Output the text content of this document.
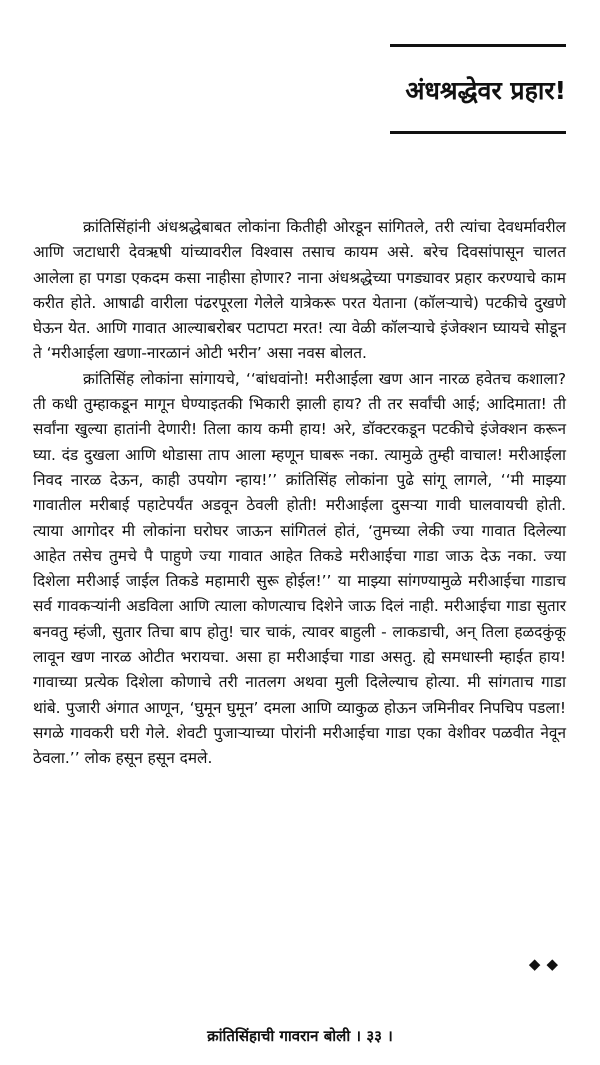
अंधश्रद्धेवर प्रहार!

क्रांतिसिंहांनी अंधश्रद्धेबाबत लोकांना कितीही ओरडून सांगितले, तरी त्यांचा देवधर्मावरील आणि जटाधारी देवऋषी यांच्यावरील विश्वास तसाच कायम असे. बरेच दिवसांपासून चालत आलेला हा पगडा एकदम कसा नाहीसा होणार? नाना अंधश्रद्धेच्या पगड्यावर प्रहार करण्याचे काम करीत होते. आषाढी वारीला पंढरपूरला गेलेले यात्रेकरू परत येताना (कॉलऱ्याचे) पटकीचे दुखणे घेऊन येत. आणि गावात आल्याबरोबर पटापटा मरत! त्या वेळी कॉलऱ्याचे इंजेक्शन घ्यायचे सोडून ते ‘मरीआईला खणा-नारळानं ओटी भरीन’ असा नवस बोलत.

क्रांतिसिंह लोकांना सांगायचे, ‘‘बांधवांनो! मरीआईला खण आन नारळ हवेतच कशाला? ती कधी तुम्हाकडून मागून घेण्याइतकी भिकारी झाली हाय? ती तर सर्वांची आई; आदिमाता! ती सर्वांना खुल्या हातांनी देणारी! तिला काय कमी हाय! अरे, डॉक्टरकडून पटकीचे इंजेक्शन करून घ्या. दंड दुखला आणि थोडासा ताप आला म्हणून घाबरू नका. त्यामुळे तुम्ही वाचाल! मरीआईला निवद नारळ देऊन, काही उपयोग न्हाय!’’ क्रांतिसिंह लोकांना पुढे सांगू लागले, ‘‘मी माझ्या गावातील मरीबाई पहाटेपर्यंत अडवून ठेवली होती! मरीआईला दुसऱ्या गावी घालवायची होती. त्याया आगोदर मी लोकांना घरोघर जाऊन सांगितलं होतं, ‘तुमच्या लेकी ज्या गावात दिलेल्या आहेत तसेच तुमचे पै पाहुणे ज्या गावात आहेत तिकडे मरीआईचा गाडा जाऊ देऊ नका. ज्या दिशेला मरीआई जाईल तिकडे महामारी सुरू होईल!’’ या माझ्या सांगण्यामुळे मरीआईचा गाडाच सर्व गावकऱ्यांनी अडविला आणि त्याला कोणत्याच दिशेने जाऊ दिलं नाही. मरीआईचा गाडा सुतार बनवतु म्हंजी, सुतार तिचा बाप होतु! चार चाकं, त्यावर बाहुली - लाकडाची, अन् तिला हळदकुंकू लावून खण नारळ ओटीत भरायचा. असा हा मरीआईचा गाडा असतु. ह्ये समधास्नी म्हाईत हाय! गावाच्या प्रत्येक दिशेला कोणाचे तरी नातलग अथवा मुली दिलेल्याच होत्या. मी सांगताच गाडा थांबे. पुजारी अंगात आणून, ‘घुमून घुमून’ दमला आणि व्याकुळ होऊन जमिनीवर निपचिप पडला! सगळे गावकरी घरी गेले. शेवटी पुजाऱ्याच्या पोरांनी मरीआईचा गाडा एका वेशीवर पळवीत नेवून ठेवला.’’ लोक हसून हसून दमले.

◆◆
क्रांतिसिंहाची गावरान बोली । ३३ ।
